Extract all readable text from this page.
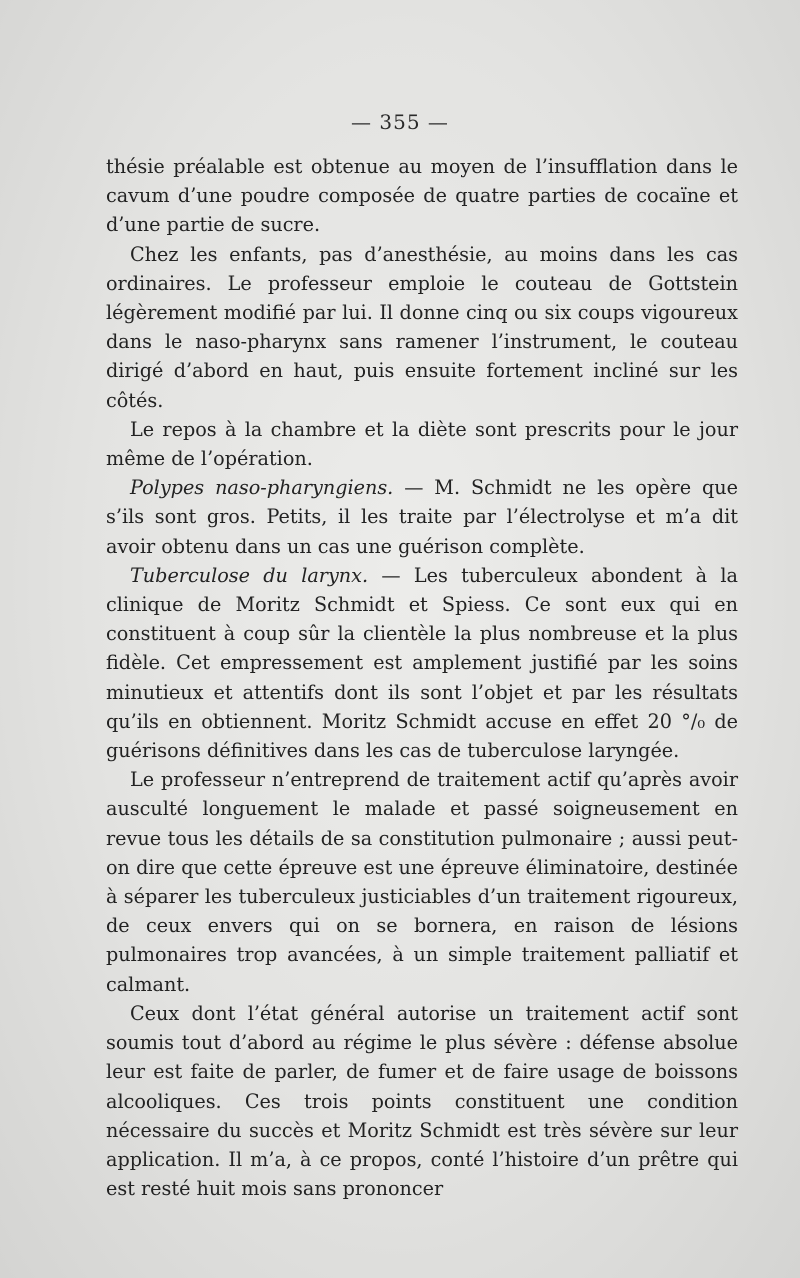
— 355 —

thésie préalable est obtenue au moyen de l’insufflation dans le cavum d’une poudre composée de quatre parties de cocaïne et d’une partie de sucre.

Chez les enfants, pas d’anesthésie, au moins dans les cas ordinaires. Le professeur emploie le couteau de Gottstein légèrement modifié par lui. Il donne cinq ou six coups vigoureux dans le naso-pharynx sans ramener l’instrument, le couteau dirigé d’abord en haut, puis ensuite fortement incliné sur les côtés.

Le repos à la chambre et la diète sont prescrits pour le jour même de l’opération.

Polypes naso-pharyngiens. — M. Schmidt ne les opère que s’ils sont gros. Petits, il les traite par l’électrolyse et m’a dit avoir obtenu dans un cas une guérison complète.

Tuberculose du larynx. — Les tuberculeux abondent à la clinique de Moritz Schmidt et Spiess. Ce sont eux qui en constituent à coup sûr la clientèle la plus nombreuse et la plus fidèle. Cet empressement est amplement justifié par les soins minutieux et attentifs dont ils sont l’objet et par les résultats qu’ils en obtiennent. Moritz Schmidt accuse en effet 20 °/₀ de guérisons définitives dans les cas de tuberculose laryngée.

Le professeur n’entreprend de traitement actif qu’après avoir ausculté longuement le malade et passé soigneusement en revue tous les détails de sa constitution pulmonaire ; aussi peut-on dire que cette épreuve est une épreuve éliminatoire, destinée à séparer les tuberculeux justiciables d’un traitement rigoureux, de ceux envers qui on se bornera, en raison de lésions pulmonaires trop avancées, à un simple traitement palliatif et calmant.

Ceux dont l’état général autorise un traitement actif sont soumis tout d’abord au régime le plus sévère : défense absolue leur est faite de parler, de fumer et de faire usage de boissons alcooliques. Ces trois points constituent une condition nécessaire du succès et Moritz Schmidt est très sévère sur leur application. Il m’a, à ce propos, conté l’histoire d’un prêtre qui est resté huit mois sans prononcer
